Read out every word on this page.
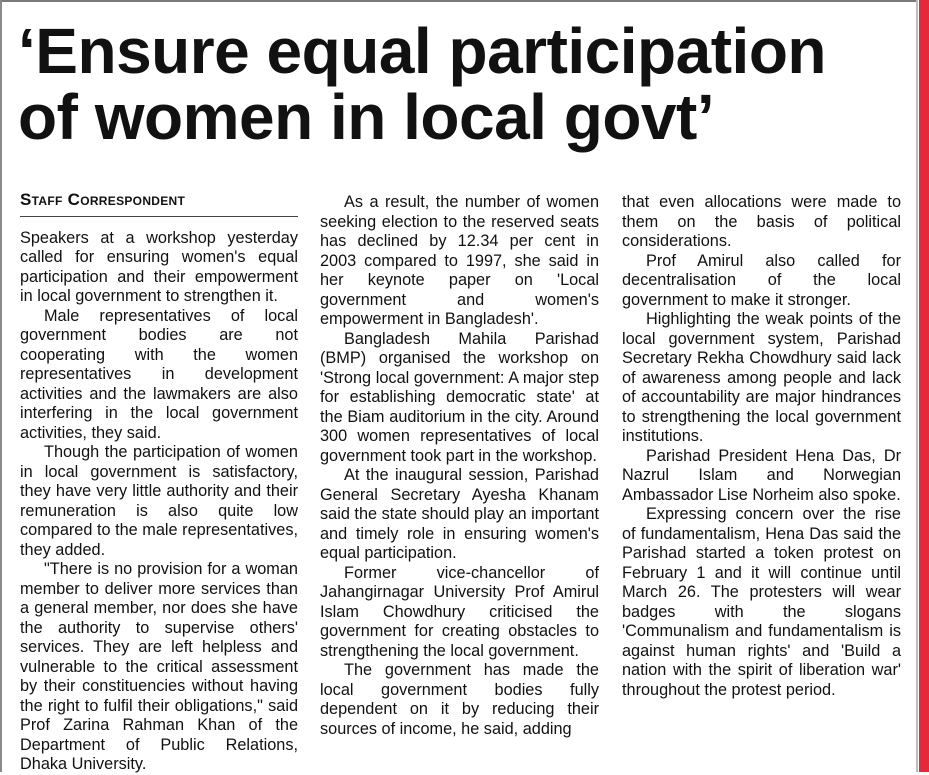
‘Ensure equal participation
of women in local govt’
Staff Correspondent

Speakers at a workshop yesterday called for ensuring women's equal participation and their empowerment in local government to strengthen it.

Male representatives of local government bodies are not cooperating with the women representatives in development activities and the lawmakers are also interfering in the local government activities, they said.

Though the participation of women in local government is satisfactory, they have very little authority and their remuneration is also quite low compared to the male representatives, they added.

"There is no provision for a woman member to deliver more services than a general member, nor does she have the authority to supervise others' services. They are left helpless and vulnerable to the critical assessment by their constituencies without having the right to fulfil their obligations," said Prof Zarina Rahman Khan of the Department of Public Relations, Dhaka University.

As a result, the number of women seeking election to the reserved seats has declined by 12.34 per cent in 2003 compared to 1997, she said in her keynote paper on 'Local government and women's empowerment in Bangladesh'.

Bangladesh Mahila Parishad (BMP) organised the workshop on 'Strong local government: A major step for establishing democratic state' at the Biam auditorium in the city. Around 300 women representatives of local government took part in the workshop.

At the inaugural session, Parishad General Secretary Ayesha Khanam said the state should play an important and timely role in ensuring women's equal participation.

Former vice-chancellor of Jahangirnagar University Prof Amirul Islam Chowdhury criticised the government for creating obstacles to strengthening the local government.

The government has made the local government bodies fully dependent on it by reducing their sources of income, he said, adding

that even allocations were made to them on the basis of political considerations.

Prof Amirul also called for decentralisation of the local government to make it stronger.

Highlighting the weak points of the local government system, Parishad Secretary Rekha Chowdhury said lack of awareness among people and lack of accountability are major hindrances to strengthening the local government institutions.

Parishad President Hena Das, Dr Nazrul Islam and Norwegian Ambassador Lise Norheim also spoke.

Expressing concern over the rise of fundamentalism, Hena Das said the Parishad started a token protest on February 1 and it will continue until March 26. The protesters will wear badges with the slogans 'Communalism and fundamentalism is against human rights' and 'Build a nation with the spirit of liberation war' throughout the protest period.
